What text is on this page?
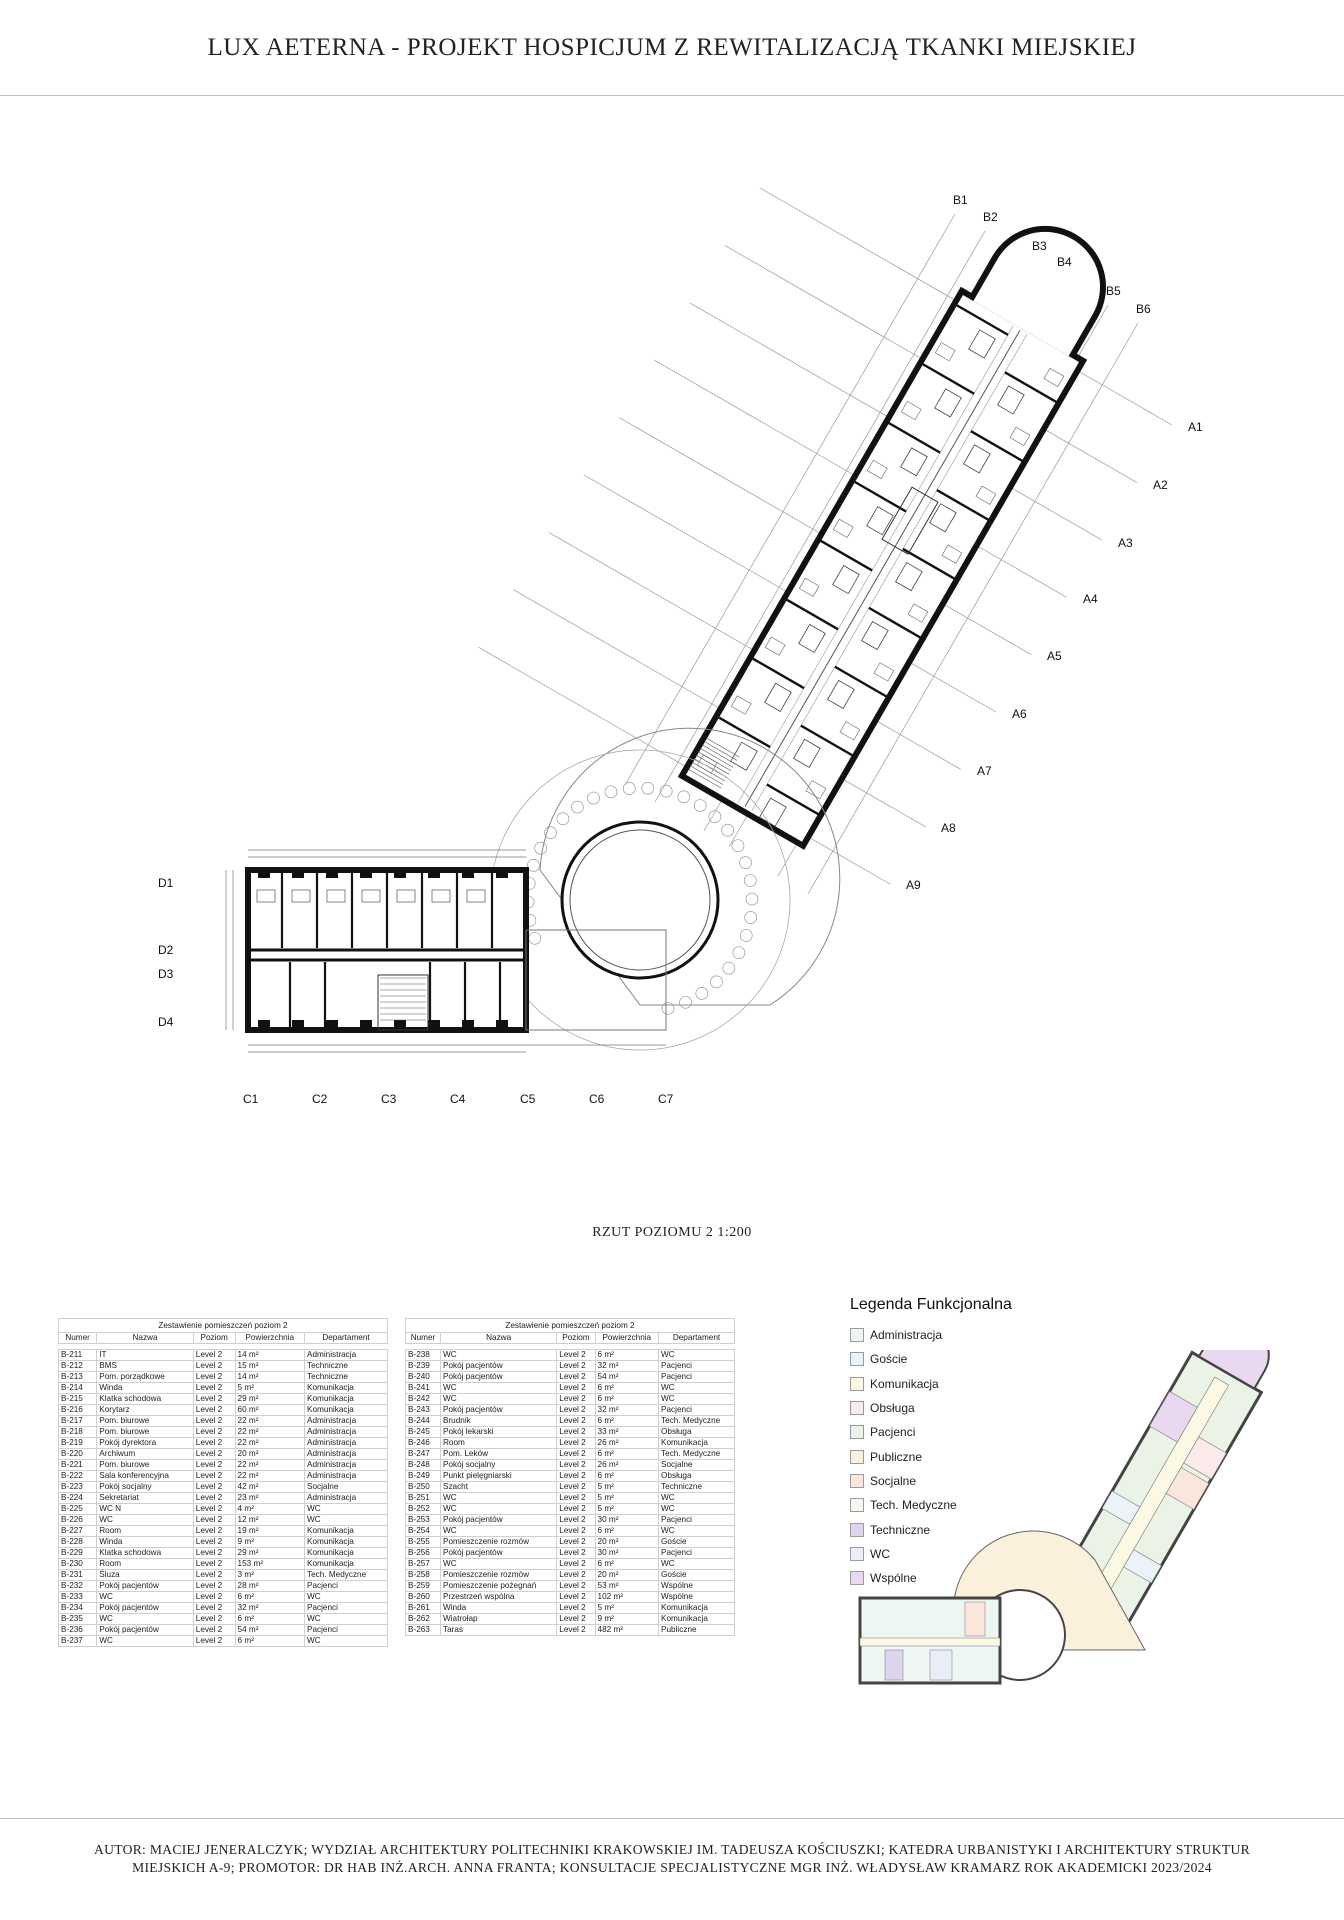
LUX AETERNA - PROJEKT HOSPICJUM Z REWITALIZACJĄ TKANKI MIEJSKIEJ
B1
B2
B3
B4
B5
B6
A1
A2
A3
A4
A5
A6
A7
A8
A9
D1
D2
D3
D4
C1	C2	C3	C4	C5	C6	C7
RZUT POZIOMU 2 1:200
Zestawienie pomieszczeń poziom 2				
Numer	Nazwa	Poziom	Powierzchnia	Departament

B-211	IT	Level 2	14 m²	Administracja
B-212	BMS	Level 2	15 m²	Techniczne
B-213	Pom. porządkowe	Level 2	14 m²	Techniczne
B-214	Winda	Level 2	5 m²	Komunikacja
B-215	Klatka schodowa	Level 2	29 m²	Komunikacja
B-216	Korytarz	Level 2	60 m²	Komunikacja
B-217	Pom. biurowe	Level 2	22 m²	Administracja
B-218	Pom. biurowe	Level 2	22 m²	Administracja
B-219	Pokój dyrektora	Level 2	22 m²	Administracja
B-220	Archiwum	Level 2	20 m²	Administracja
B-221	Pom. biurowe	Level 2	22 m²	Administracja
B-222	Sala konferencyjna	Level 2	22 m²	Administracja
B-223	Pokój socjalny	Level 2	42 m²	Socjalne
B-224	Sekretariat	Level 2	23 m²	Administracja
B-225	WC N	Level 2	4 m²	WC
B-226	WC	Level 2	12 m²	WC
B-227	Room	Level 2	19 m²	Komunikacja
B-228	Winda	Level 2	9 m²	Komunikacja
B-229	Klatka schodowa	Level 2	29 m²	Komunikacja
B-230	Room	Level 2	153 m²	Komunikacja
B-231	Śluza	Level 2	3 m²	Tech. Medyczne
B-232	Pokój pacjentów	Level 2	28 m²	Pacjenci
B-233	WC	Level 2	6 m²	WC
B-234	Pokój pacjentów	Level 2	32 m²	Pacjenci
B-235	WC	Level 2	6 m²	WC
B-236	Pokój pacjentów	Level 2	54 m²	Pacjenci
B-237	WC	Level 2	6 m²	WC
Zestawienie pomieszczeń poziom 2				
Numer	Nazwa	Poziom	Powierzchnia	Departament

B-238	WC	Level 2	6 m²	WC
B-239	Pokój pacjentów	Level 2	32 m²	Pacjenci
B-240	Pokój pacjentów	Level 2	54 m²	Pacjenci
B-241	WC	Level 2	6 m²	WC
B-242	WC	Level 2	6 m²	WC
B-243	Pokój pacjentów	Level 2	32 m²	Pacjenci
B-244	Brudnik	Level 2	6 m²	Tech. Medyczne
B-245	Pokój lekarski	Level 2	33 m²	Obsługa
B-246	Room	Level 2	26 m²	Komunikacja
B-247	Pom. Leków	Level 2	6 m²	Tech. Medyczne
B-248	Pokój socjalny	Level 2	26 m²	Socjalne
B-249	Punkt pielęgniarski	Level 2	6 m²	Obsługa
B-250	Szacht	Level 2	5 m²	Techniczne
B-251	WC	Level 2	5 m²	WC
B-252	WC	Level 2	5 m²	WC
B-253	Pokój pacjentów	Level 2	30 m²	Pacjenci
B-254	WC	Level 2	6 m²	WC
B-255	Pomieszczenie rozmów	Level 2	20 m²	Goście
B-256	Pokój pacjentów	Level 2	30 m²	Pacjenci
B-257	WC	Level 2	6 m²	WC
B-258	Pomieszczenie rozmów	Level 2	20 m²	Goście
B-259	Pomieszczenie pożegnań	Level 2	53 m²	Wspólne
B-260	Przestrzeń wspólna	Level 2	102 m²	Wspólne
B-261	Winda	Level 2	5 m²	Komunikacja
B-262	Wiatrołap	Level 2	9 m²	Komunikacja
B-263	Taras	Level 2	482 m²	Publiczne
Legenda Funkcjonalna
Administracja
Goście
Komunikacja
Obsługa
Pacjenci
Publiczne
Socjalne
Tech. Medyczne
Techniczne
WC
Wspólne
AUTOR: MACIEJ JENERALCZYK; WYDZIAŁ ARCHITEKTURY POLITECHNIKI KRAKOWSKIEJ IM. TADEUSZA KOŚCIUSZKI; KATEDRA URBANISTYKI I ARCHITEKTURY STRUKTUR
MIEJSKICH A-9; PROMOTOR: DR HAB INŻ.ARCH. ANNA FRANTA; KONSULTACJE SPECJALISTYCZNE MGR INŻ. WŁADYSŁAW KRAMARZ ROK AKADEMICKI 2023/2024
